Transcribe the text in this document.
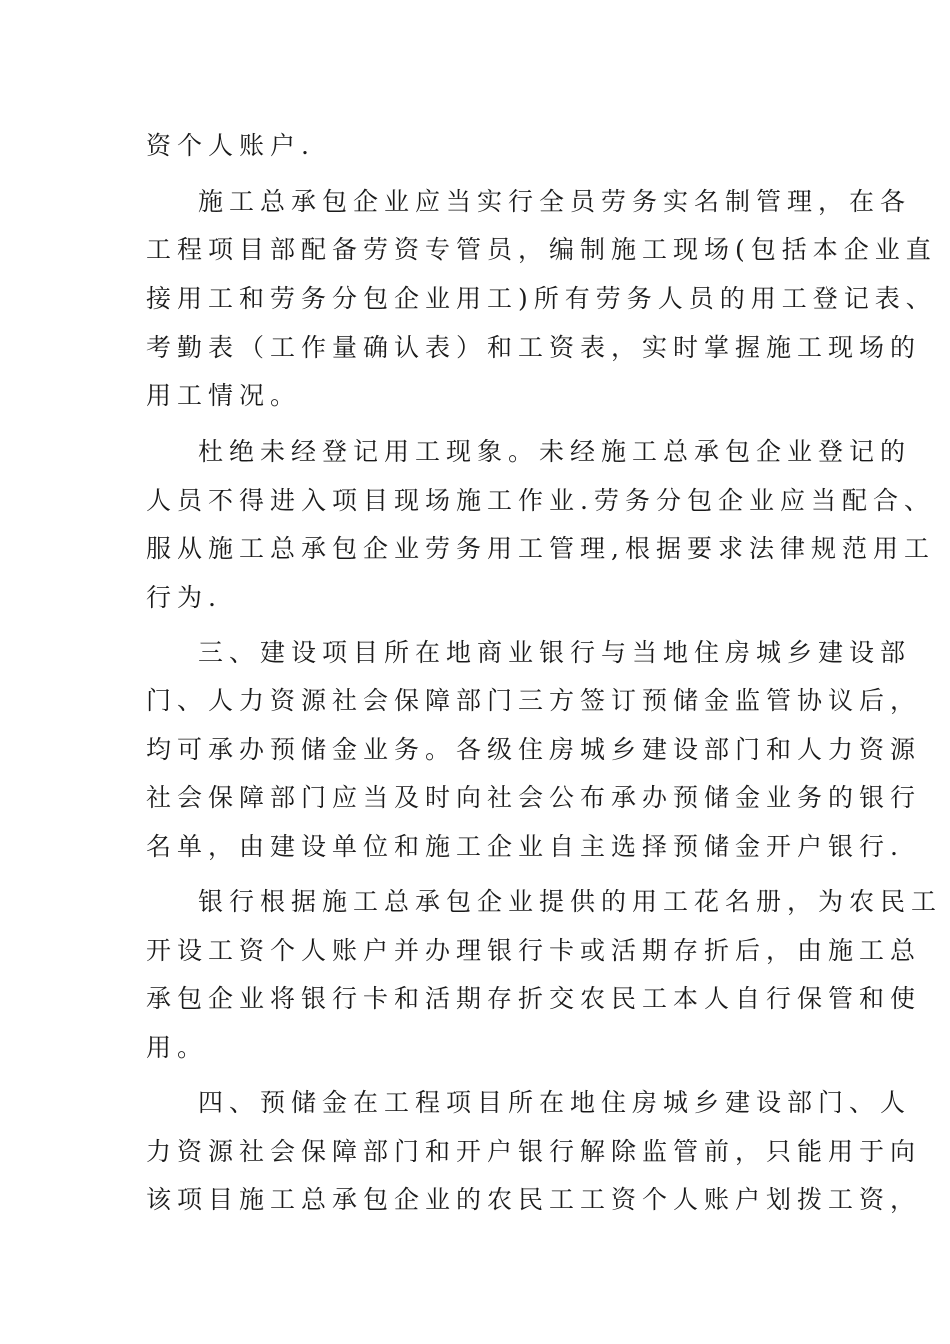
资个人账户.
施工总承包企业应当实行全员劳务实名制管理，在各
工程项目部配备劳资专管员，编制施工现场(包括本企业直
接用工和劳务分包企业用工)所有劳务人员的用工登记表、
考勤表（工作量确认表）和工资表，实时掌握施工现场的
用工情况。
杜绝未经登记用工现象。未经施工总承包企业登记的
人员不得进入项目现场施工作业.劳务分包企业应当配合、
服从施工总承包企业劳务用工管理,根据要求法律规范用工
行为.
三、建设项目所在地商业银行与当地住房城乡建设部
门、人力资源社会保障部门三方签订预储金监管协议后，
均可承办预储金业务。各级住房城乡建设部门和人力资源
社会保障部门应当及时向社会公布承办预储金业务的银行
名单，由建设单位和施工企业自主选择预储金开户银行.
银行根据施工总承包企业提供的用工花名册，为农民工
开设工资个人账户并办理银行卡或活期存折后，由施工总
承包企业将银行卡和活期存折交农民工本人自行保管和使
用。
四、预储金在工程项目所在地住房城乡建设部门、人
力资源社会保障部门和开户银行解除监管前，只能用于向
该项目施工总承包企业的农民工工资个人账户划拨工资，
